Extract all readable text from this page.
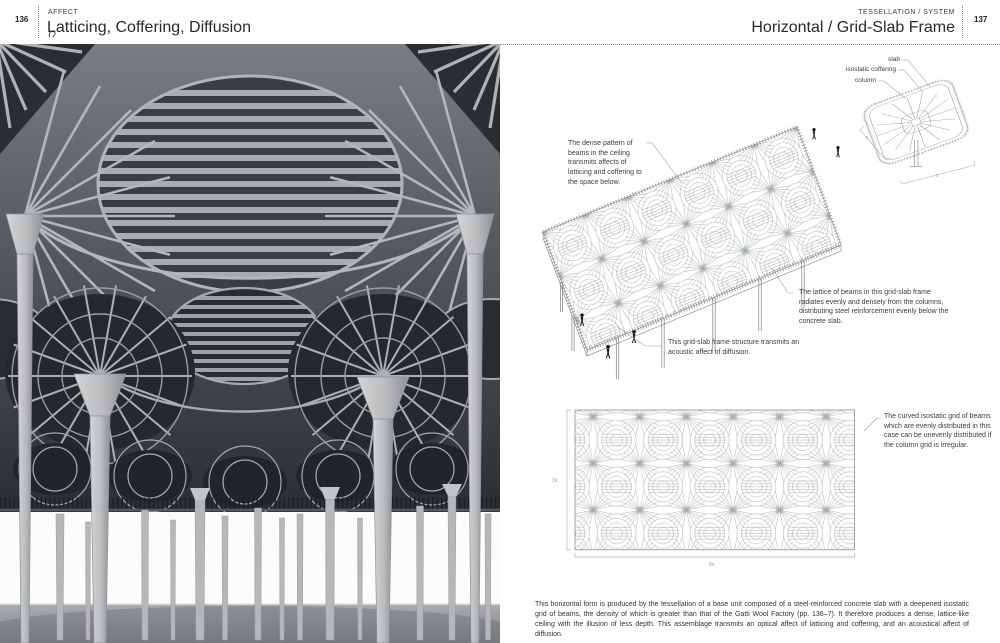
136
AFFECT
Latticing, Coffering, Diffusion
TESSELLATION / SYSTEM
Horizontal / Grid-Slab Frame 137
x
x
3x
6x
slab
isostatic coffering
column
The dense pattern of beams in the ceiling transmits affects of latticing and coffering to the space below.
The lattice of beams in this grid-slab frame radiates evenly and densely from the columns, distributing steel reinforcement evenly below the concrete slab.
This grid-slab frame structure transmits an acoustic affect of diffusion.
The curved isostatic grid of beams which are evenly distributed in this case can be unevenly distributed if the column grid is irregular.
This horizontal form is produced by the tessellation of a base unit composed of a steel-reinforced concrete slab with a deepened isostatic grid of beams, the density of which is greater than that of the Gatti Wool Factory (pp. 136–7). It therefore produces a dense, lattice-like ceiling with the illusion of less depth. This assemblage transmits an optical affect of latticing and coffering, and an acoustical affect of diffusion.
